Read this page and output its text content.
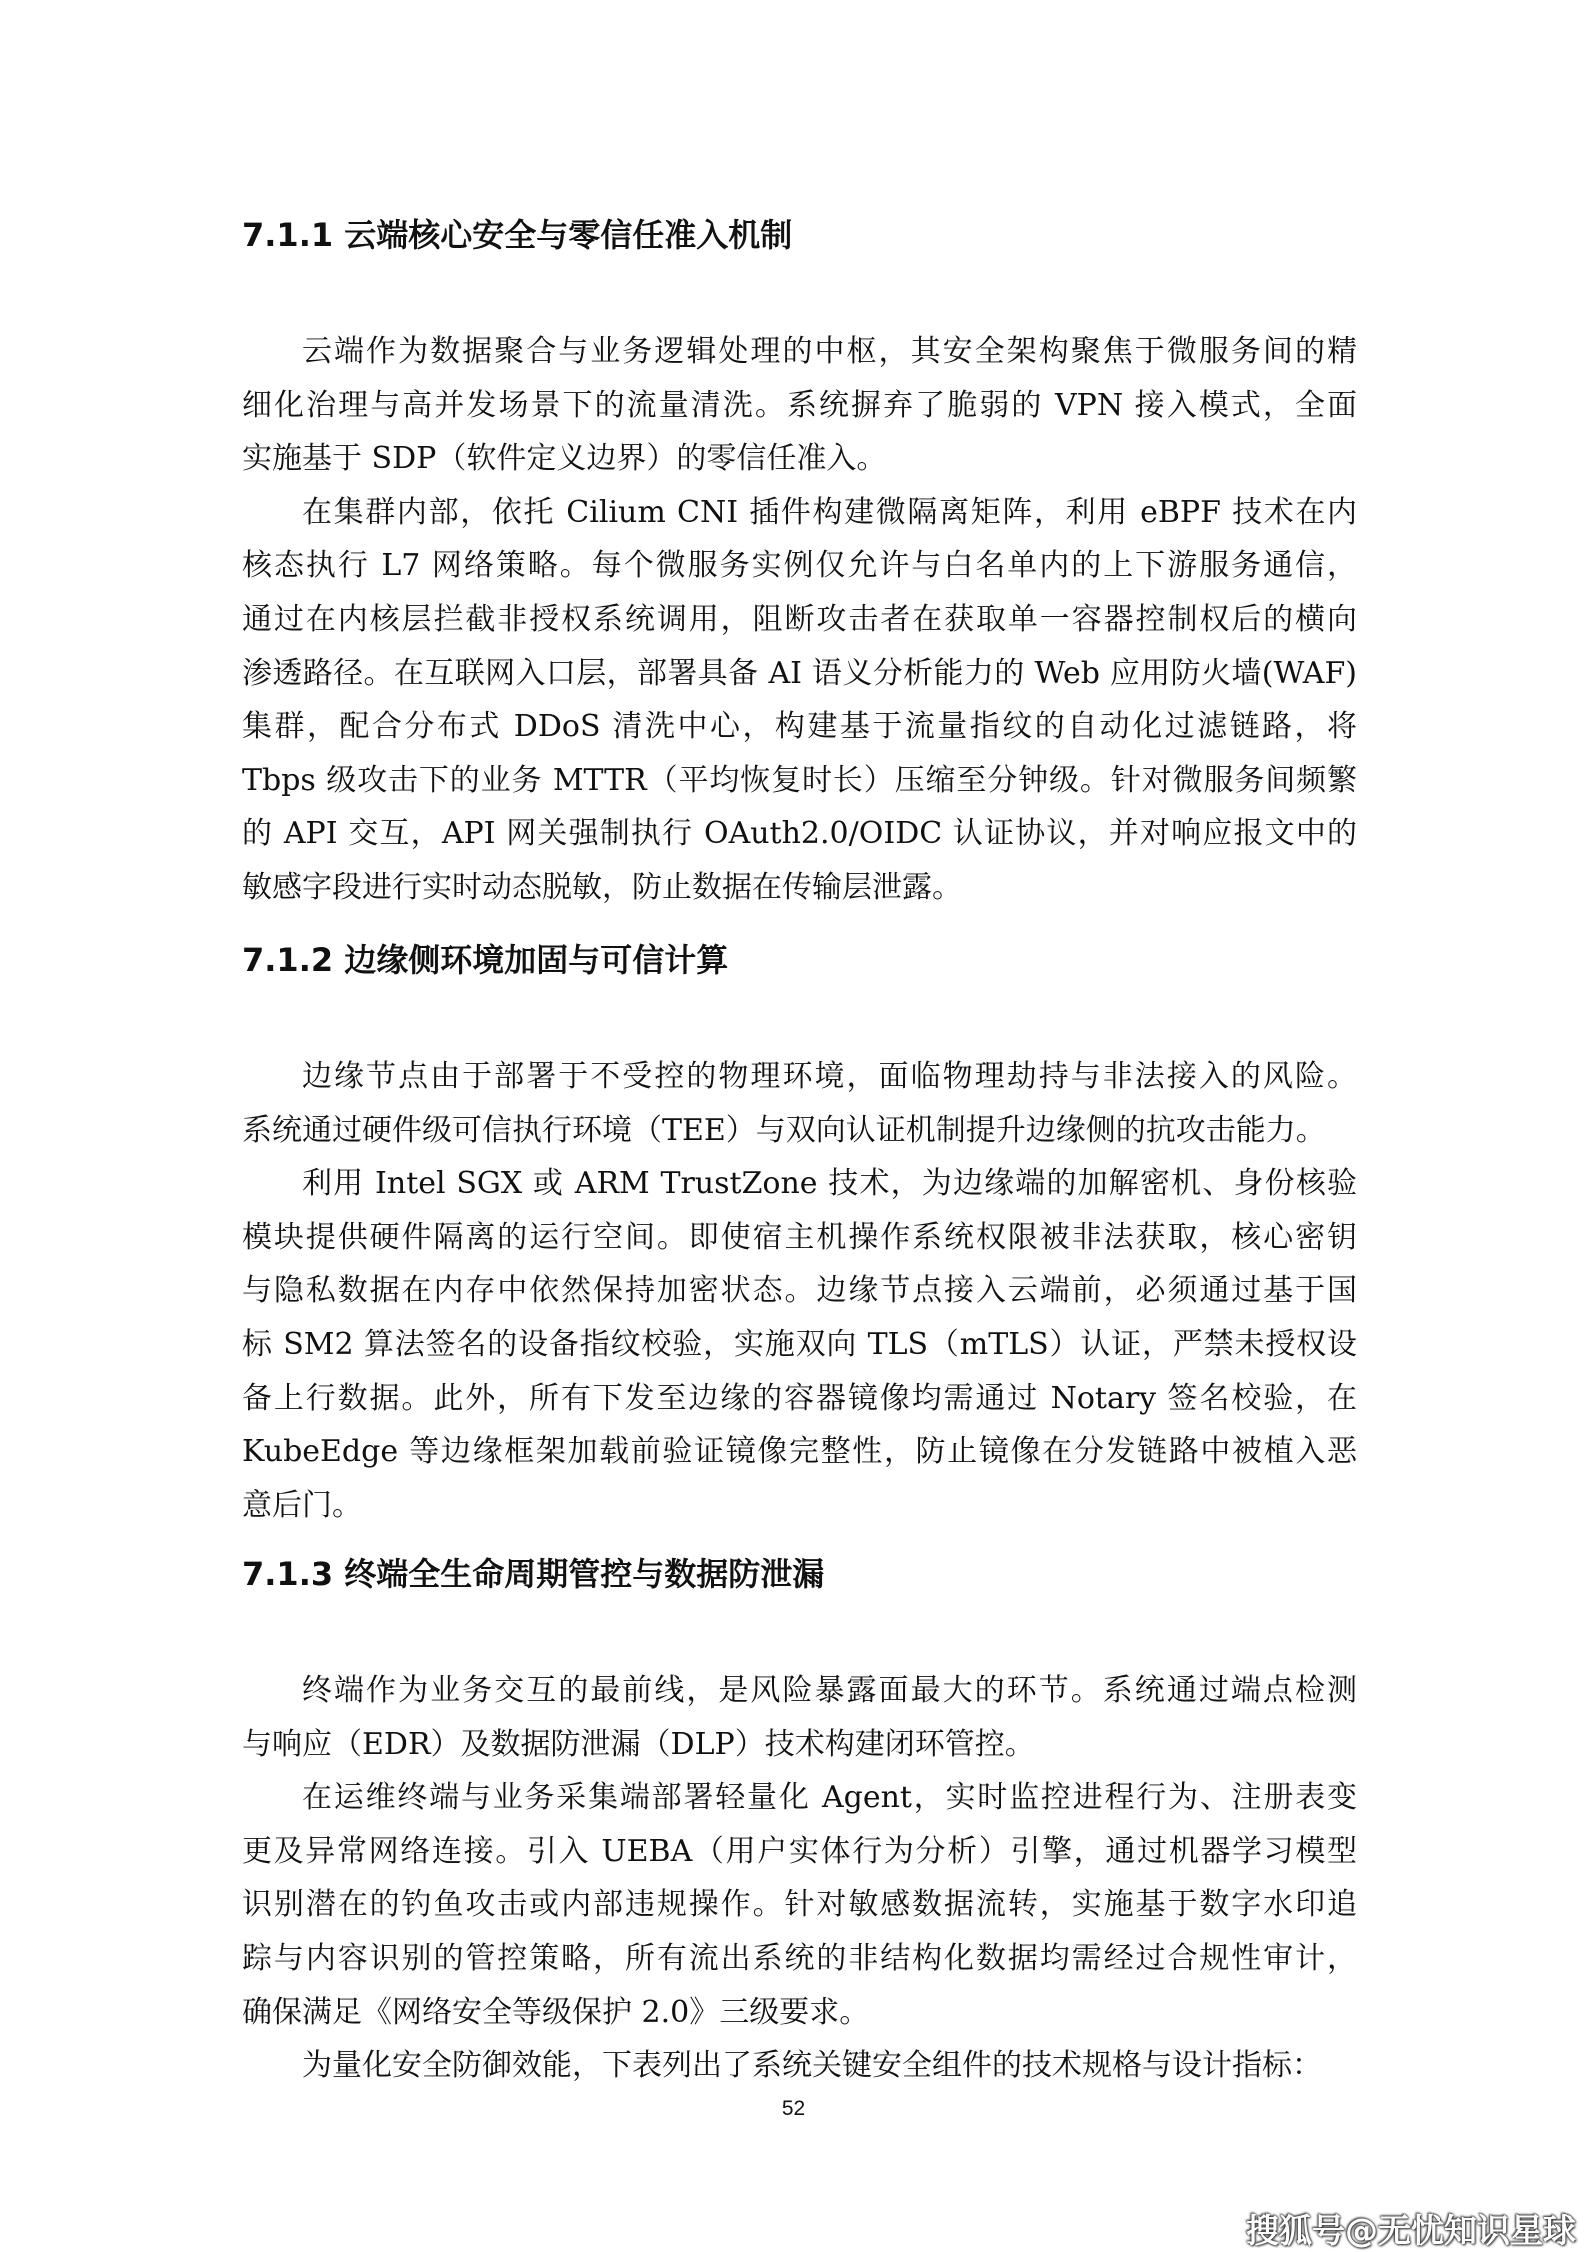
7.1.1 云端核心安全与零信任准入机制
云端作为数据聚合与业务逻辑处理的中枢，其安全架构聚焦于微服务间的精
细化治理与高并发场景下的流量清洗。系统摒弃了脆弱的 VPN 接入模式，全面
实施基于 SDP（软件定义边界）的零信任准入。
在集群内部，依托 Cilium CNI 插件构建微隔离矩阵，利用 eBPF 技术在内
核态执行 L7 网络策略。每个微服务实例仅允许与白名单内的上下游服务通信，
通过在内核层拦截非授权系统调用，阻断攻击者在获取单一容器控制权后的横向
渗透路径。在互联网入口层，部署具备 AI 语义分析能力的 Web 应用防火墙(WAF)
集群，配合分布式 DDoS 清洗中心，构建基于流量指纹的自动化过滤链路，将
Tbps 级攻击下的业务 MTTR（平均恢复时长）压缩至分钟级。针对微服务间频繁
的 API 交互，API 网关强制执行 OAuth2.0/OIDC 认证协议，并对响应报文中的
敏感字段进行实时动态脱敏，防止数据在传输层泄露。
7.1.2 边缘侧环境加固与可信计算
边缘节点由于部署于不受控的物理环境，面临物理劫持与非法接入的风险。
系统通过硬件级可信执行环境（TEE）与双向认证机制提升边缘侧的抗攻击能力。
利用 Intel SGX 或 ARM TrustZone 技术，为边缘端的加解密机、身份核验
模块提供硬件隔离的运行空间。即使宿主机操作系统权限被非法获取，核心密钥
与隐私数据在内存中依然保持加密状态。边缘节点接入云端前，必须通过基于国
标 SM2 算法签名的设备指纹校验，实施双向 TLS（mTLS）认证，严禁未授权设
备上行数据。此外，所有下发至边缘的容器镜像均需通过 Notary 签名校验，在
KubeEdge 等边缘框架加载前验证镜像完整性，防止镜像在分发链路中被植入恶
意后门。
7.1.3 终端全生命周期管控与数据防泄漏
终端作为业务交互的最前线，是风险暴露面最大的环节。系统通过端点检测
与响应（EDR）及数据防泄漏（DLP）技术构建闭环管控。
在运维终端与业务采集端部署轻量化 Agent，实时监控进程行为、注册表变
更及异常网络连接。引入 UEBA（用户实体行为分析）引擎，通过机器学习模型
识别潜在的钓鱼攻击或内部违规操作。针对敏感数据流转，实施基于数字水印追
踪与内容识别的管控策略，所有流出系统的非结构化数据均需经过合规性审计，
确保满足《网络安全等级保护 2.0》三级要求。
为量化安全防御效能，下表列出了系统关键安全组件的技术规格与设计指标：
52
搜狐号@无忧知识星球
